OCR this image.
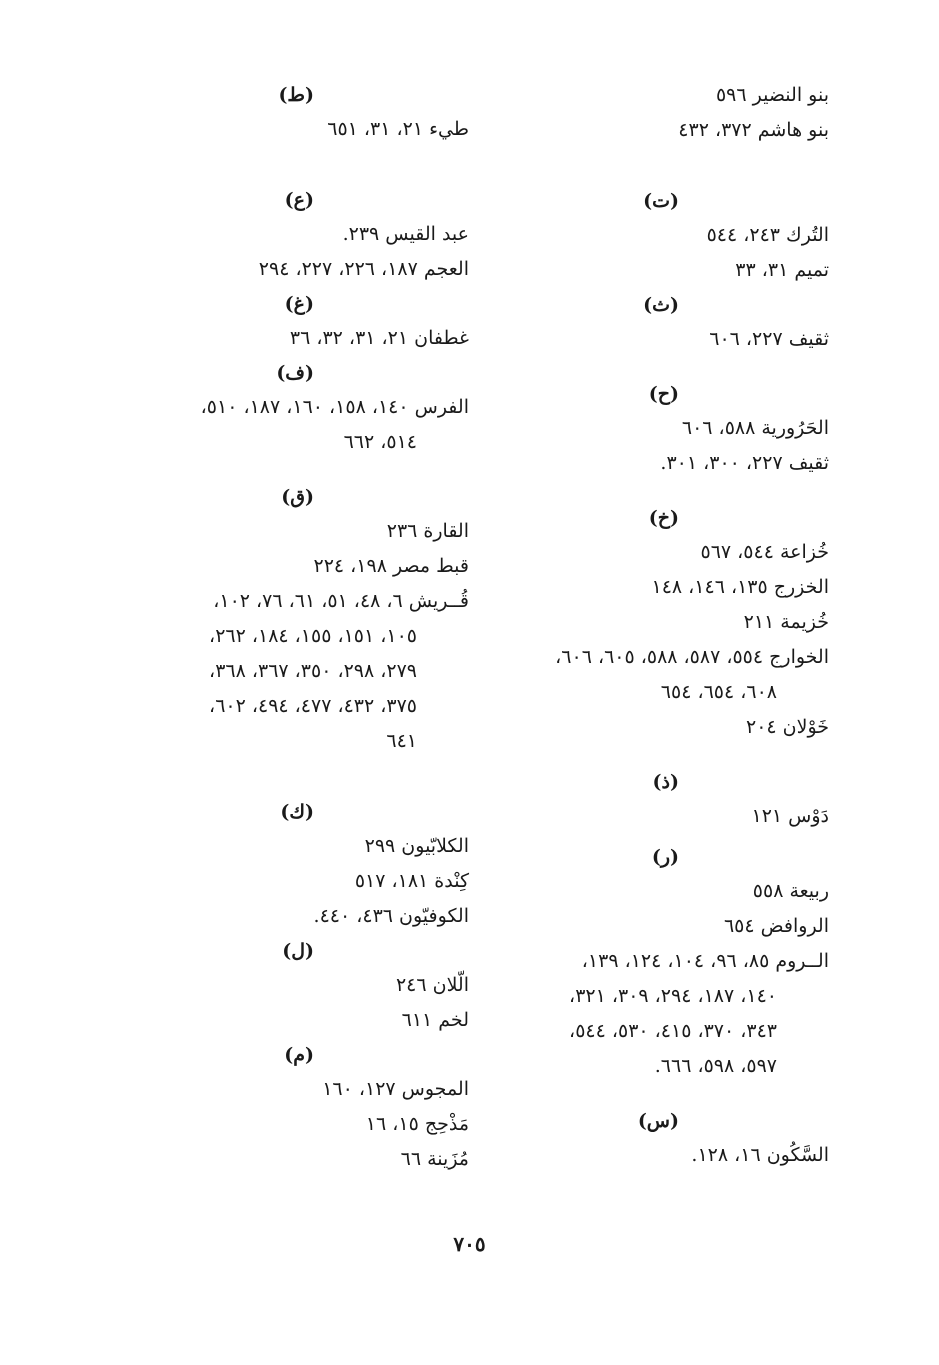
بنو النضير ٥٩٦
بنو هاشم ٣٧٢، ٤٣٢
(ت)
التُرك ٢٤٣، ٥٤٤
تميم ٣١، ٣٣
(ث)
ثقيف ٢٢٧، ٦٠٦
(ح)
الحَرُورية ٥٨٨، ٦٠٦
ثقيف ٢٢٧، ٣٠٠، ٣٠١.
(خ)
خُزاعة ٥٤٤، ٥٦٧
الخزرج ١٣٥، ١٤٦، ١٤٨
خُزيمة ٢١١
الخوارج ٥٥٤، ٥٨٧، ٥٨٨، ٦٠٥، ٦٠٦،
٦٠٨، ٦٥٤، ٦٥٤
خَوْلان ٢٠٤
(ذ)
دَوْس ١٢١
(ر)
ربيعة ٥٥٨
الروافض ٦٥٤
الــروم ٨٥، ٩٦، ١٠٤، ١٢٤، ١٣٩،
١٤٠، ١٨٧، ٢٩٤، ٣٠٩، ٣٢١،
٣٤٣، ٣٧٠، ٤١٥، ٥٣٠، ٥٤٤،
٥٩٧، ٥٩٨، ٦٦٦.
(س)
السَّكُون ١٦، ١٢٨.
(ط)
طيء ٢١، ٣١، ٦٥١
(ع)
عبد القيس ٢٣٩.
العجم ١٨٧، ٢٢٦، ٢٢٧، ٢٩٤
(غ)
غطفان ٢١، ٣١، ٣٢، ٣٦
(ف)
الفرس ١٤٠، ١٥٨، ١٦٠، ١٨٧، ٥١٠،
٥١٤، ٦٦٢
(ق)
القارة ٢٣٦
قبط مصر ١٩٨، ٢٢٤
قُــريش ٦، ٤٨، ٥١، ٦١، ٧٦، ١٠٢،
١٠٥، ١٥١، ١٥٥، ١٨٤، ٢٦٢،
٢٧٩، ٢٩٨، ٣٥٠، ٣٦٧، ٣٦٨،
٣٧٥، ٤٣٢، ٤٧٧، ٤٩٤، ٦٠٢،
٦٤١
(ك)
الكلابّيون ٢٩٩
كِنْدة ١٨١، ٥١٧
الكوفيّون ٤٣٦، ٤٤٠.
(ل)
الّلان ٢٤٦
لخم ٦١١
(م)
المجوس ١٢٧، ١٦٠
مَذْحِج ١٥، ١٦
مُزَينة ٦٦
٧٠٥
